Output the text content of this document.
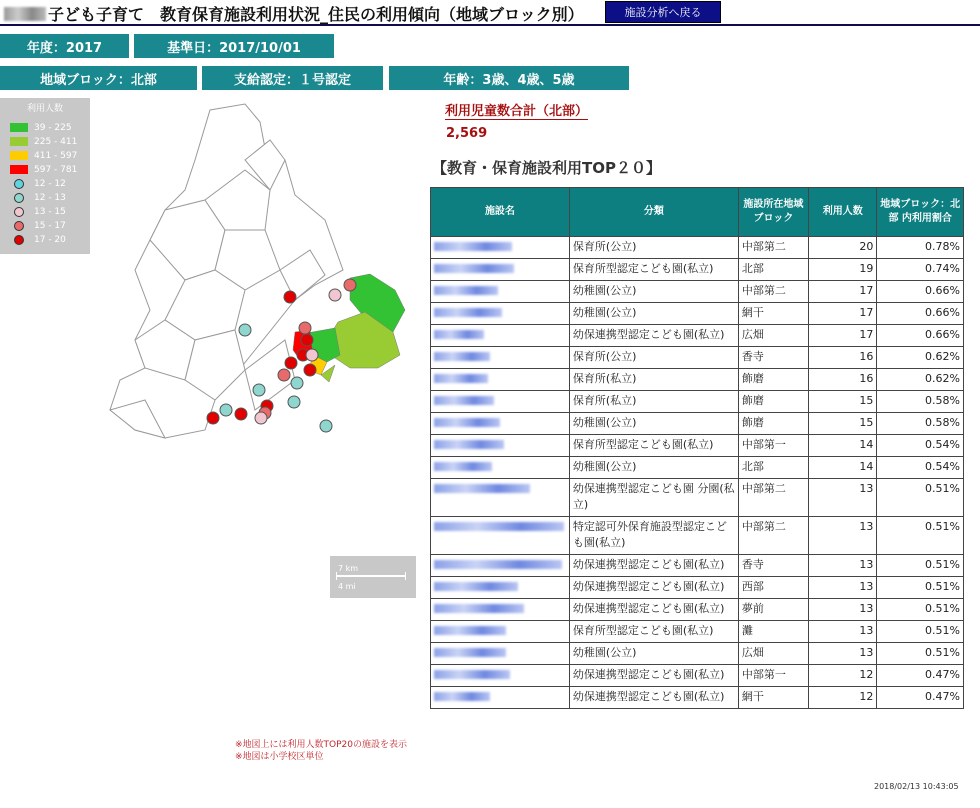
子ども子育て　教育保育施設利用状況_住民の利用傾向（地域ブロック別）	施設分析へ戻る
年度：2017	基準日：2017/10/01
地域ブロック：北部	支給認定：１号認定	年齢：3歳、4歳、5歳
利用人数
39 - 225
225 - 411
411 - 597
597 - 781
12 - 12
12 - 13
13 - 15
15 - 17
17 - 20
7 km
4 mi
利用児童数合計（北部）
2,569
【教育・保育施設利用TOP２０】
施設名	分類	施設所在地域ブロック	利用人数	地域ブロック：北部 内利用割合
	保育所(公立)	中部第二	20	0.78%
	保育所型認定こども園(私立)	北部	19	0.74%
	幼稚園(公立)	中部第二	17	0.66%
	幼稚園(公立)	網干	17	0.66%
	幼保連携型認定こども園(私立)	広畑	17	0.66%
	保育所(公立)	香寺	16	0.62%
	保育所(私立)	飾磨	16	0.62%
	保育所(私立)	飾磨	15	0.58%
	幼稚園(公立)	飾磨	15	0.58%
	保育所型認定こども園(私立)	中部第一	14	0.54%
	幼稚園(公立)	北部	14	0.54%
	幼保連携型認定こども園 分園(私立)	中部第二	13	0.51%
	特定認可外保育施設型認定こども園(私立)	中部第二	13	0.51%
	幼保連携型認定こども園(私立)	香寺	13	0.51%
	幼保連携型認定こども園(私立)	西部	13	0.51%
	幼保連携型認定こども園(私立)	夢前	13	0.51%
	保育所型認定こども園(私立)	灘	13	0.51%
	幼稚園(公立)	広畑	13	0.51%
	幼保連携型認定こども園(私立)	中部第一	12	0.47%
	幼保連携型認定こども園(私立)	網干	12	0.47%
※地図上には利用人数TOP20の施設を表示
※地図は小学校区単位
2018/02/13 10:43:05
